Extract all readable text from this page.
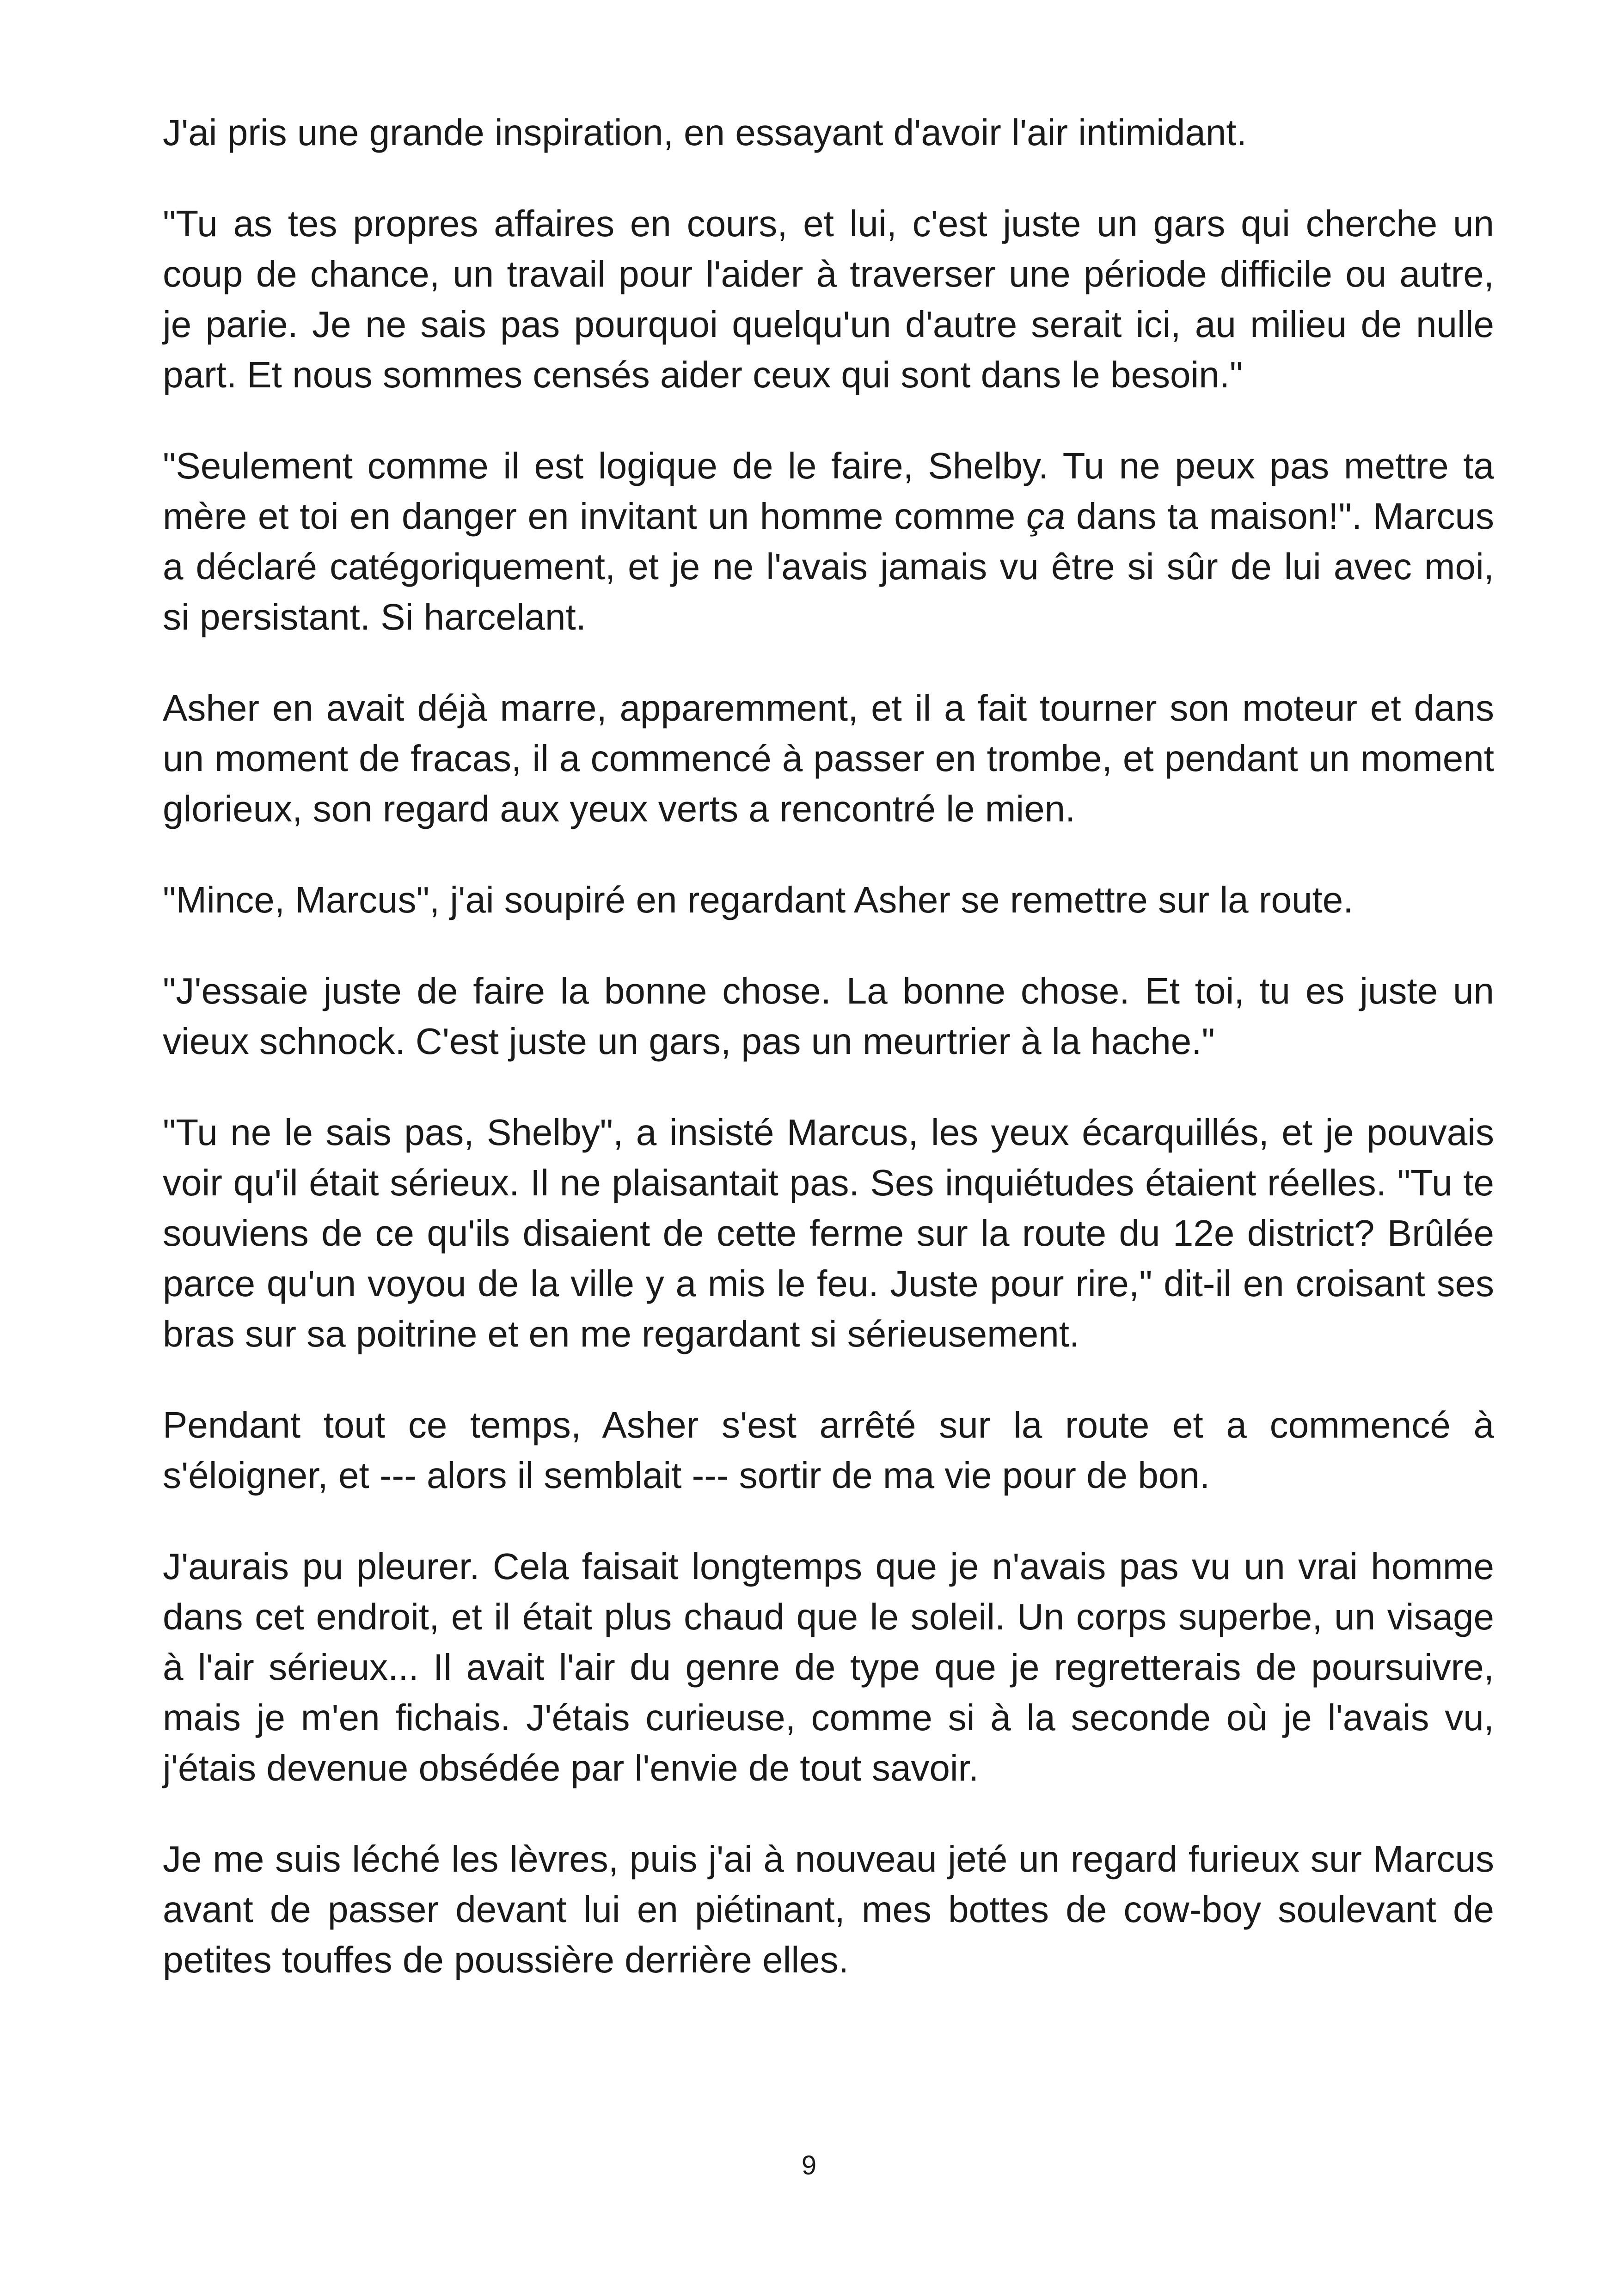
J'ai pris une grande inspiration, en essayant d'avoir l'air intimidant.

"Tu as tes propres affaires en cours, et lui, c'est juste un gars qui cherche un coup de chance, un travail pour l'aider à traverser une période difficile ou autre, je parie. Je ne sais pas pourquoi quelqu'un d'autre serait ici, au milieu de nulle part. Et nous sommes censés aider ceux qui sont dans le besoin."

"Seulement comme il est logique de le faire, Shelby. Tu ne peux pas mettre ta mère et toi en danger en invitant un homme comme ça dans ta maison!". Marcus a déclaré catégoriquement, et je ne l'avais jamais vu être si sûr de lui avec moi, si persistant. Si harcelant.

Asher en avait déjà marre, apparemment, et il a fait tourner son moteur et dans un moment de fracas, il a commencé à passer en trombe, et pendant un moment glorieux, son regard aux yeux verts a rencontré le mien.

"Mince, Marcus", j'ai soupiré en regardant Asher se remettre sur la route.

"J'essaie juste de faire la bonne chose. La bonne chose. Et toi, tu es juste un vieux schnock. C'est juste un gars, pas un meurtrier à la hache."

"Tu ne le sais pas, Shelby", a insisté Marcus, les yeux écarquillés, et je pouvais voir qu'il était sérieux. Il ne plaisantait pas. Ses inquiétudes étaient réelles. "Tu te souviens de ce qu'ils disaient de cette ferme sur la route du 12e district? Brûlée parce qu'un voyou de la ville y a mis le feu. Juste pour rire," dit-il en croisant ses bras sur sa poitrine et en me regardant si sérieusement.

Pendant tout ce temps, Asher s'est arrêté sur la route et a commencé à s'éloigner, et --- alors il semblait --- sortir de ma vie pour de bon.

J'aurais pu pleurer. Cela faisait longtemps que je n'avais pas vu un vrai homme dans cet endroit, et il était plus chaud que le soleil. Un corps superbe, un visage à l'air sérieux... Il avait l'air du genre de type que je regretterais de poursuivre, mais je m'en fichais. J'étais curieuse, comme si à la seconde où je l'avais vu, j'étais devenue obsédée par l'envie de tout savoir.

Je me suis léché les lèvres, puis j'ai à nouveau jeté un regard furieux sur Marcus avant de passer devant lui en piétinant, mes bottes de cow-boy soulevant de petites touffes de poussière derrière elles.

9
